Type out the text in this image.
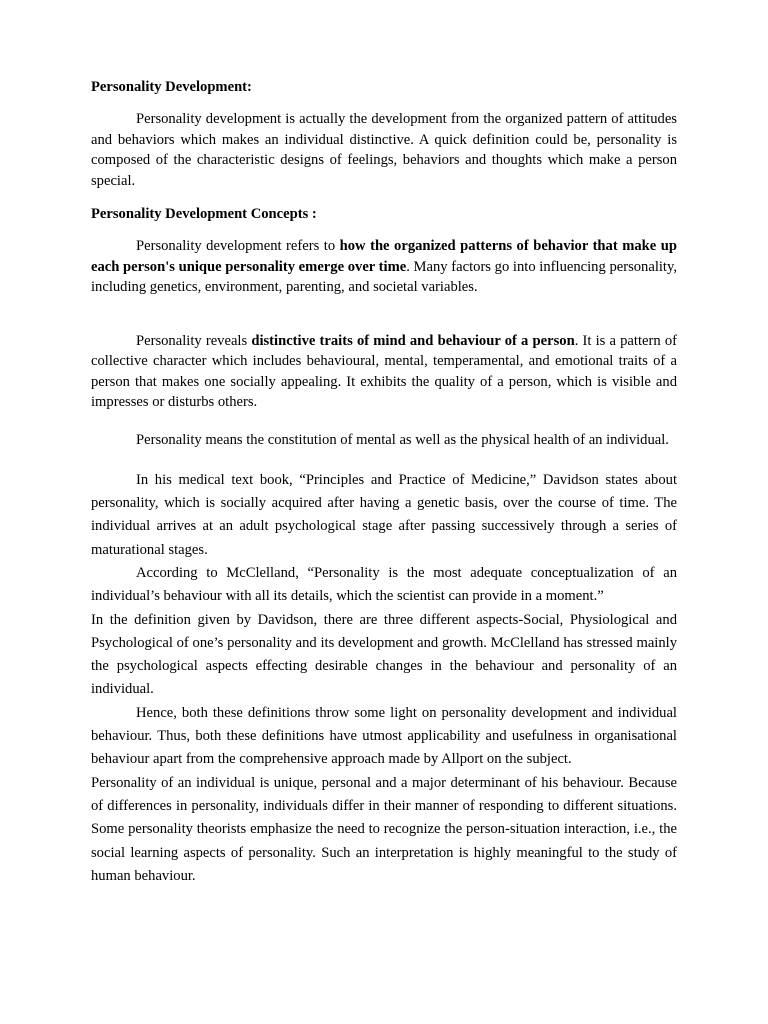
Personality Development:

Personality development is actually the development from the organized pattern of attitudes and behaviors which makes an individual distinctive. A quick definition could be, personality is composed of the characteristic designs of feelings, behaviors and thoughts which make a person special.

Personality Development Concepts :

Personality development refers to how the organized patterns of behavior that make up each person's unique personality emerge over time. Many factors go into influencing personality, including genetics, environment, parenting, and societal variables.

Personality reveals distinctive traits of mind and behaviour of a person. It is a pattern of collective character which includes behavioural, mental, temperamental, and emotional traits of a person that makes one socially appealing. It exhibits the quality of a person, which is visible and impresses or disturbs others.

Personality means the constitution of mental as well as the physical health of an individual.

In his medical text book, “Principles and Practice of Medicine,” Davidson states about personality, which is socially acquired after having a genetic basis, over the course of time. The individual arrives at an adult psychological stage after passing successively through a series of maturational stages.

According to McClelland, “Personality is the most adequate conceptualization of an individual’s behaviour with all its details, which the scientist can provide in a moment.”

In the definition given by Davidson, there are three different aspects-Social, Physiological and Psychological of one’s personality and its development and growth. McClelland has stressed mainly the psychological aspects effecting desirable changes in the behaviour and personality of an individual.

Hence, both these definitions throw some light on personality development and individual behaviour. Thus, both these definitions have utmost applicability and usefulness in organisational behaviour apart from the comprehensive approach made by Allport on the subject.

Personality of an individual is unique, personal and a major determinant of his behaviour. Because of differences in personality, individuals differ in their manner of responding to different situations. Some personality theorists emphasize the need to recognize the person-situation interaction, i.e., the social learning aspects of personality. Such an interpretation is highly meaningful to the study of human behaviour.
